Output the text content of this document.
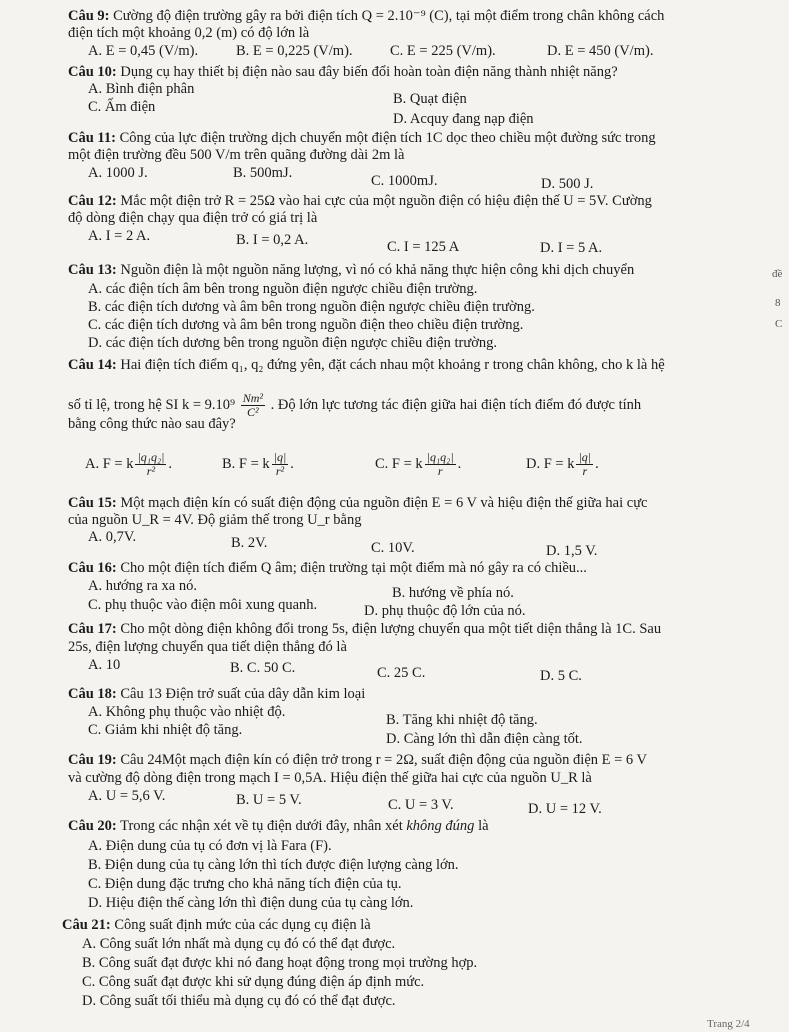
Câu 9: Cường độ điện trường gây ra bởi điện tích Q = 2.10⁻⁹ (C), tại một điểm trong chân không cách
điện tích một khoảng 0,2 (m) có độ lớn là
A. E = 0,45 (V/m).	B. E = 0,225 (V/m).	C. E = 225 (V/m).	D. E = 450 (V/m).
Câu 10: Dụng cụ hay thiết bị điện nào sau đây biến đổi hoàn toàn điện năng thành nhiệt năng?
A. Bình điện phân
B. Quạt điện
C. Ấm điện
D. Acquy đang nạp điện
Câu 11: Công của lực điện trường dịch chuyển một điện tích 1C dọc theo chiều một đường sức trong
một điện trường đều 500 V/m trên quãng đường dài 2m là
A. 1000 J.	B. 500mJ.	C. 1000mJ.	D. 500 J.
Câu 12: Mắc một điện trở R = 25Ω vào hai cực của một nguồn điện có hiệu điện thế U = 5V. Cường
độ dòng điện chạy qua điện trở có giá trị là
A. I = 2 A.	B. I = 0,2 A.	C. I = 125 A	D. I = 5 A.
Câu 13: Nguồn điện là một nguồn năng lượng, vì nó có khả năng thực hiện công khi dịch chuyển
A. các điện tích âm bên trong nguồn điện ngược chiều điện trường.
B. các điện tích dương và âm bên trong nguồn điện ngược chiều điện trường.
C. các điện tích dương và âm bên trong nguồn điện theo chiều điện trường.
D. các điện tích dương bên trong nguồn điện ngược chiều điện trường.
Câu 14: Hai điện tích điểm q₁, q₂ đứng yên, đặt cách nhau một khoảng r trong chân không, cho k là hệ
số tỉ lệ, trong hệ SI $k = 9.10^9 \frac{\text{Nm²}}{\text{C²}}$ . Độ lớn lực tương tác điện giữa hai điện tích điểm đó được tính
bằng công thức nào sau đây?
A. F = k $\frac{\text{|q₁q₂|}}{\text{r²}}$ .	B. F = k $\frac{|q|}{\text{r²}}$ .	C. F = k $\frac{\text{|q₁q₂|}}{r}$ .	D. F = k $\frac{|q|}{r}$ .
Câu 15: Một mạch điện kín có suất điện động của nguồn điện E = 6 V và hiệu điện thế giữa hai cực
của nguồn U_R = 4V. Độ giảm thế trong U_r bằng
A. 0,7V.	B. 2V.	C. 10V.	D. 1,5 V.
Câu 16: Cho một điện tích điểm Q âm; điện trường tại một điểm mà nó gây ra có chiều...
A. hướng ra xa nó.	B. hướng về phía nó.
C. phụ thuộc vào điện môi xung quanh.	D. phụ thuộc độ lớn của nó.
Câu 17: Cho một dòng điện không đổi trong 5s, điện lượng chuyển qua một tiết diện thẳng là 1C. Sau
25s, điện lượng chuyển qua tiết diện thẳng đó là
A. 10	B. C. 50 C.	C. 25 C.	D. 5 C.
Câu 18: Câu 13 Điện trở suất của dây dẫn kim loại
A. Không phụ thuộc vào nhiệt độ.	B. Tăng khi nhiệt độ tăng.
C. Giảm khi nhiệt độ tăng.
D. Càng lớn thì dẫn điện càng tốt.
Câu 19: Câu 24Một mạch điện kín có điện trở trong r = 2Ω, suất điện động của nguồn điện E = 6 V
và cường độ dòng điện trong mạch I = 0,5A. Hiệu điện thế giữa hai cực của nguồn U_R là
A. U = 5,6 V.	B. U = 5 V.	C. U = 3 V.	D. U = 12 V.
Câu 20: Trong các nhận xét về tụ điện dưới đây, nhân xét không đúng là
A. Điện dung của tụ có đơn vị là Fara (F).
B. Điện dung của tụ càng lớn thì tích được điện lượng càng lớn.
C. Điện dung đặc trưng cho khả năng tích điện của tụ.
D. Hiệu điện thế càng lớn thì điện dung của tụ càng lớn.
Câu 21: Công suất định mức của các dụng cụ điện là
A. Công suất lớn nhất mà dụng cụ đó có thể đạt được.
B. Công suất đạt được khi nó đang hoạt động trong mọi trường hợp.
C. Công suất đạt được khi sử dụng đúng điện áp định mức.
D. Công suất tối thiểu mà dụng cụ đó có thể đạt được.
đề
8
C
Trang 2/4
